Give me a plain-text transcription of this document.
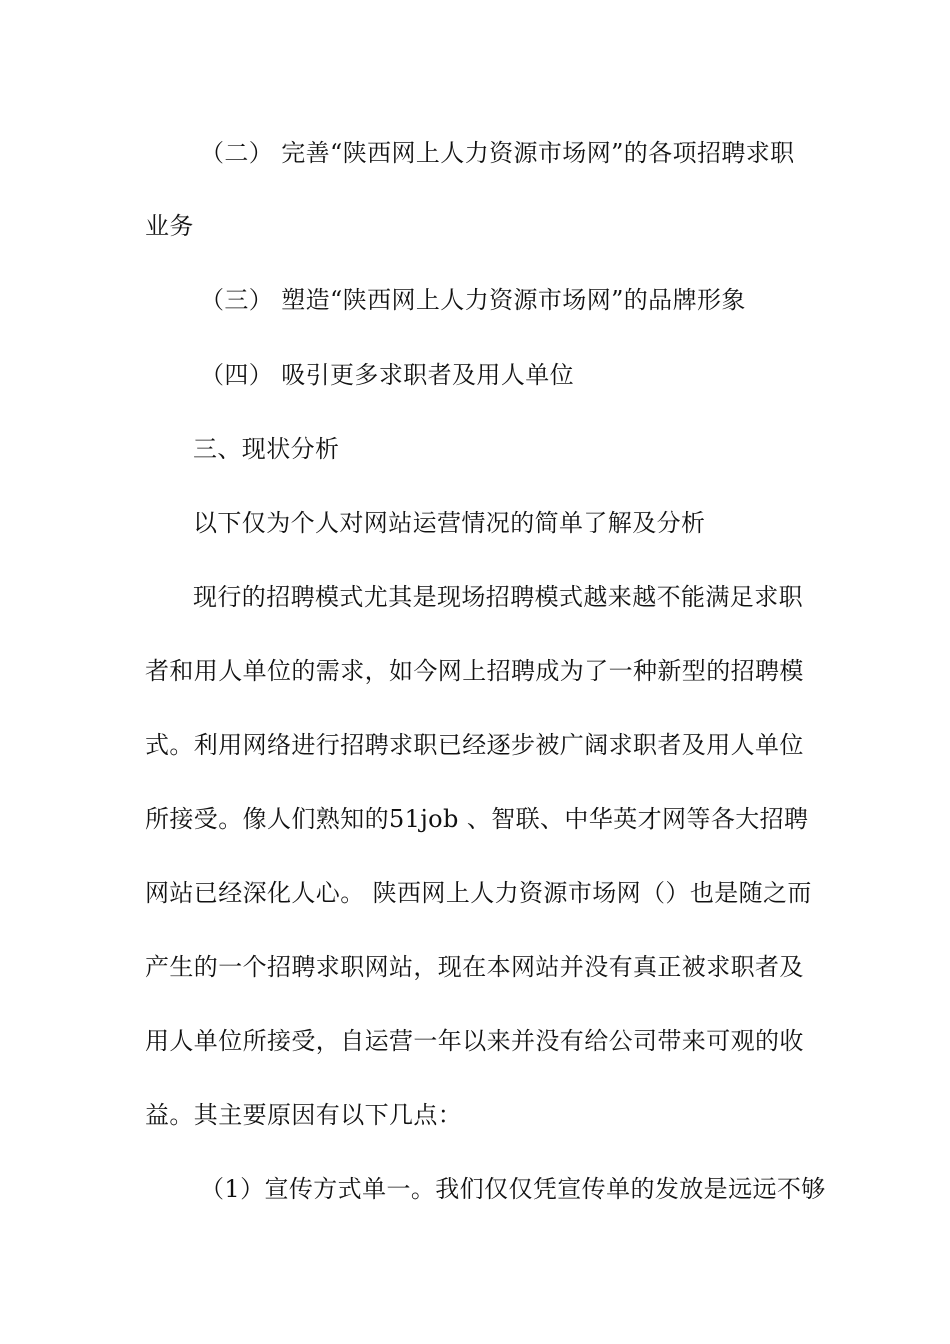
（二） 完善“陕西网上人力资源市场网”的各项招聘求职
业务
（三） 塑造“陕西网上人力资源市场网”的品牌形象
（四） 吸引更多求职者及用人单位
三、现状分析
以下仅为个人对网站运营情况的简单了解及分析
现行的招聘模式尤其是现场招聘模式越来越不能满足求职
者和用人单位的需求，如今网上招聘成为了一种新型的招聘模
式。利用网络进行招聘求职已经逐步被广阔求职者及用人单位
所接受。像人们熟知的51job 、智联、中华英才网等各大招聘
网站已经深化人心。 陕西网上人力资源市场网（）也是随之而
产生的一个招聘求职网站，现在本网站并没有真正被求职者及
用人单位所接受，自运营一年以来并没有给公司带来可观的收
益。其主要原因有以下几点：
（1）宣传方式单一。我们仅仅凭宣传单的发放是远远不够
